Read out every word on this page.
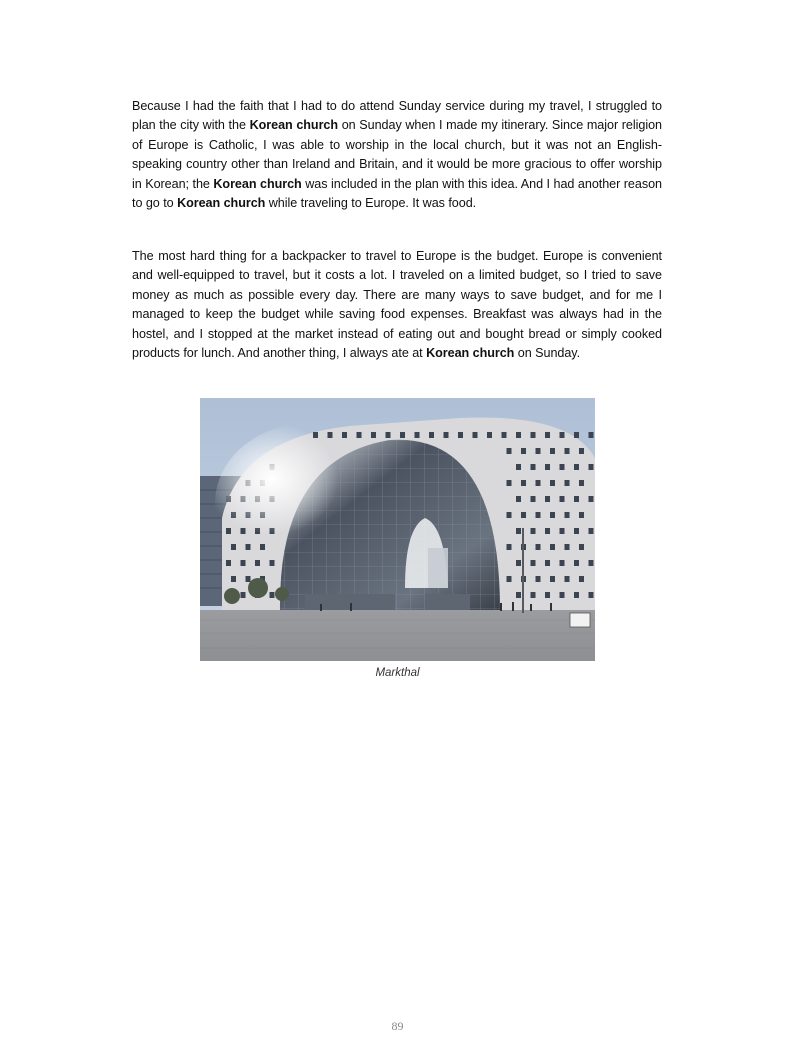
Because I had the faith that I had to do attend Sunday service during my travel, I struggled to plan the city with the Korean church on Sunday when I made my itinerary. Since major religion of Europe is Catholic, I was able to worship in the local church, but it was not an English-speaking country other than Ireland and Britain, and it would be more gracious to offer worship in Korean; the Korean church was included in the plan with this idea. And I had another reason to go to Korean church while traveling to Europe. It was food.

The most hard thing for a backpacker to travel to Europe is the budget. Europe is convenient and well-equipped to travel, but it costs a lot. I traveled on a limited budget, so I tried to save money as much as possible every day. There are many ways to save budget, and for me I managed to keep the budget while saving food expenses. Breakfast was always had in the hostel, and I stopped at the market instead of eating out and bought bread or simply cooked products for lunch. And another thing, I always ate at Korean church on Sunday.

Markthal
89
